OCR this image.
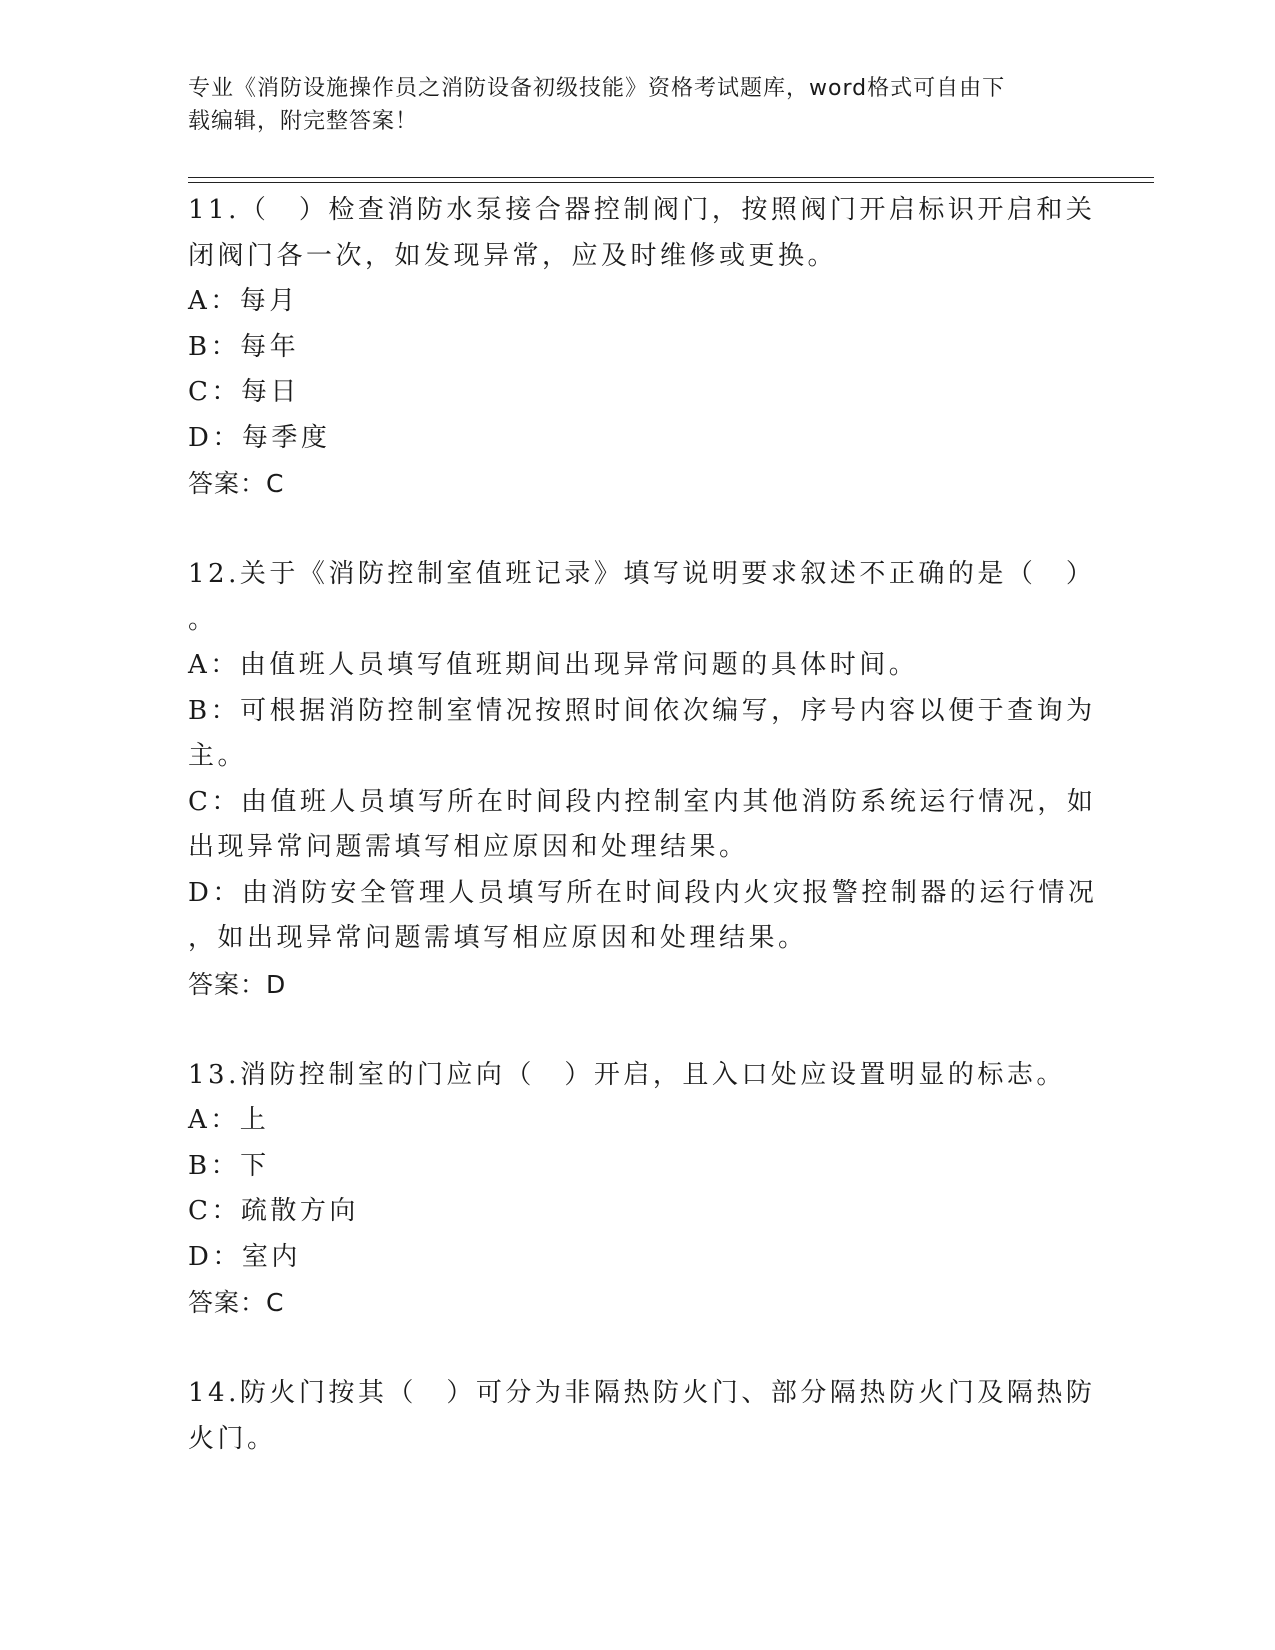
专业《消防设施操作员之消防设备初级技能》资格考试题库，word格式可自由下
载编辑，附完整答案！
11.（　）检查消防水泵接合器控制阀门，按照阀门开启标识开启和关
闭阀门各一次，如发现异常，应及时维修或更换。
A：每月
B：每年
C：每日
D：每季度
答案：C
12.关于《消防控制室值班记录》填写说明要求叙述不正确的是（　）
。
A：由值班人员填写值班期间出现异常问题的具体时间。
B：可根据消防控制室情况按照时间依次编写，序号内容以便于查询为
主。
C：由值班人员填写所在时间段内控制室内其他消防系统运行情况，如
出现异常问题需填写相应原因和处理结果。
D：由消防安全管理人员填写所在时间段内火灾报警控制器的运行情况
，如出现异常问题需填写相应原因和处理结果。
答案：D
13.消防控制室的门应向（　）开启，且入口处应设置明显的标志。
A：上
B：下
C：疏散方向
D：室内
答案：C
14.防火门按其（　）可分为非隔热防火门、部分隔热防火门及隔热防
火门。
